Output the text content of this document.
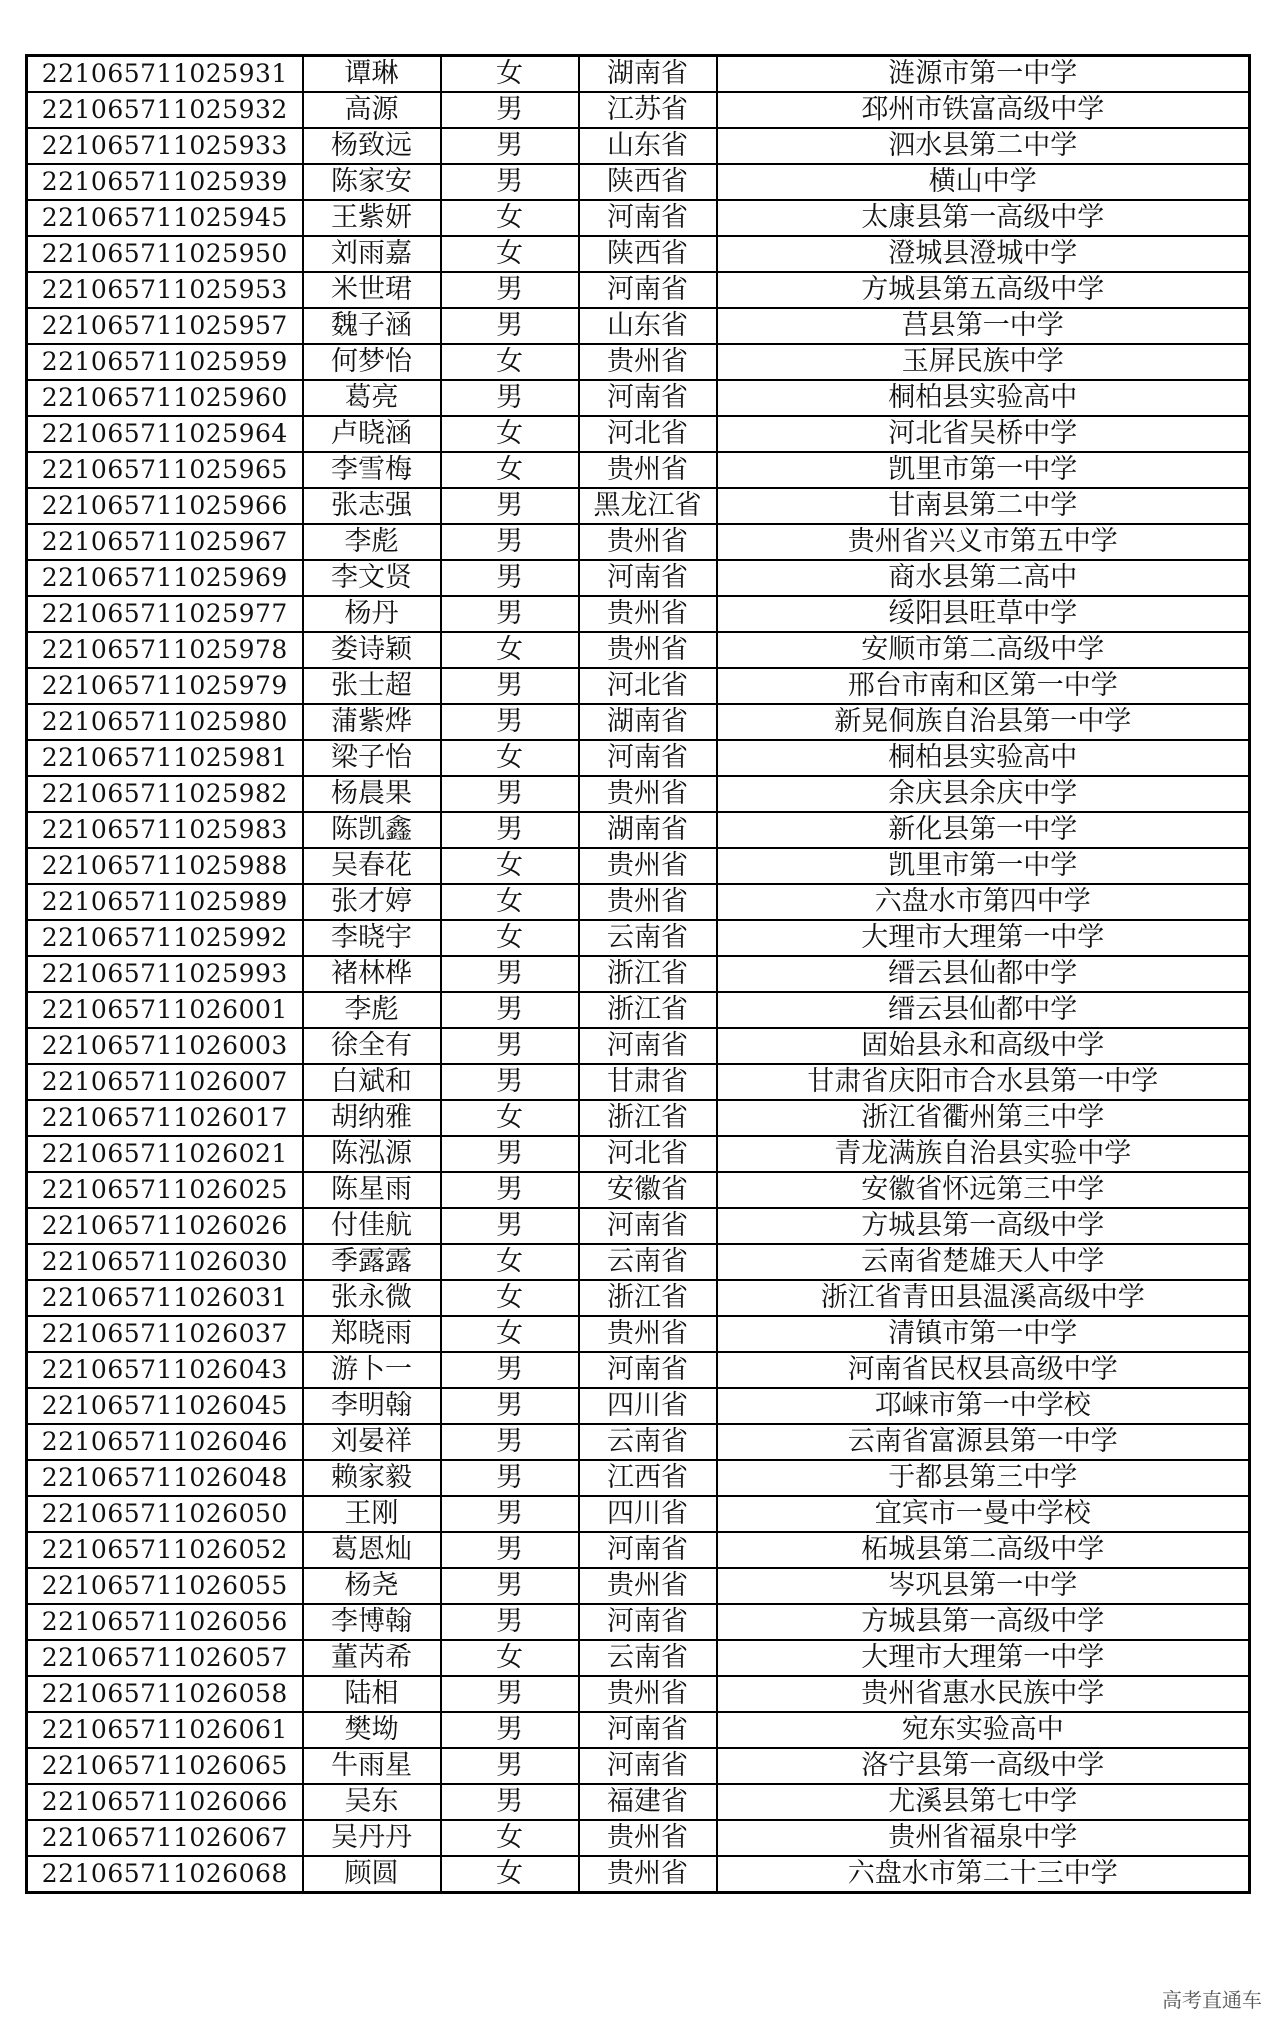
221065711025931	谭琳	女	湖南省	涟源市第一中学
221065711025932	高源	男	江苏省	邳州市铁富高级中学
221065711025933	杨致远	男	山东省	泗水县第二中学
221065711025939	陈家安	男	陕西省	横山中学
221065711025945	王紫妍	女	河南省	太康县第一高级中学
221065711025950	刘雨嘉	女	陕西省	澄城县澄城中学
221065711025953	米世珺	男	河南省	方城县第五高级中学
221065711025957	魏子涵	男	山东省	莒县第一中学
221065711025959	何梦怡	女	贵州省	玉屏民族中学
221065711025960	葛亮	男	河南省	桐柏县实验高中
221065711025964	卢晓涵	女	河北省	河北省吴桥中学
221065711025965	李雪梅	女	贵州省	凯里市第一中学
221065711025966	张志强	男	黑龙江省	甘南县第二中学
221065711025967	李彪	男	贵州省	贵州省兴义市第五中学
221065711025969	李文贤	男	河南省	商水县第二高中
221065711025977	杨丹	男	贵州省	绥阳县旺草中学
221065711025978	娄诗颖	女	贵州省	安顺市第二高级中学
221065711025979	张士超	男	河北省	邢台市南和区第一中学
221065711025980	蒲紫烨	男	湖南省	新晃侗族自治县第一中学
221065711025981	梁子怡	女	河南省	桐柏县实验高中
221065711025982	杨晨果	男	贵州省	余庆县余庆中学
221065711025983	陈凯鑫	男	湖南省	新化县第一中学
221065711025988	吴春花	女	贵州省	凯里市第一中学
221065711025989	张才婷	女	贵州省	六盘水市第四中学
221065711025992	李晓宇	女	云南省	大理市大理第一中学
221065711025993	褚林桦	男	浙江省	缙云县仙都中学
221065711026001	李彪	男	浙江省	缙云县仙都中学
221065711026003	徐全有	男	河南省	固始县永和高级中学
221065711026007	白斌和	男	甘肃省	甘肃省庆阳市合水县第一中学
221065711026017	胡纳雅	女	浙江省	浙江省衢州第三中学
221065711026021	陈泓源	男	河北省	青龙满族自治县实验中学
221065711026025	陈星雨	男	安徽省	安徽省怀远第三中学
221065711026026	付佳航	男	河南省	方城县第一高级中学
221065711026030	季露露	女	云南省	云南省楚雄天人中学
221065711026031	张永微	女	浙江省	浙江省青田县温溪高级中学
221065711026037	郑晓雨	女	贵州省	清镇市第一中学
221065711026043	游卜一	男	河南省	河南省民权县高级中学
221065711026045	李明翰	男	四川省	邛崃市第一中学校
221065711026046	刘晏祥	男	云南省	云南省富源县第一中学
221065711026048	赖家毅	男	江西省	于都县第三中学
221065711026050	王刚	男	四川省	宜宾市一曼中学校
221065711026052	葛恩灿	男	河南省	柘城县第二高级中学
221065711026055	杨尧	男	贵州省	岑巩县第一中学
221065711026056	李博翰	男	河南省	方城县第一高级中学
221065711026057	董芮希	女	云南省	大理市大理第一中学
221065711026058	陆相	男	贵州省	贵州省惠水民族中学
221065711026061	樊坳	男	河南省	宛东实验高中
221065711026065	牛雨星	男	河南省	洛宁县第一高级中学
221065711026066	吴东	男	福建省	尤溪县第七中学
221065711026067	吴丹丹	女	贵州省	贵州省福泉中学
221065711026068	顾圆	女	贵州省	六盘水市第二十三中学
高考直通车
